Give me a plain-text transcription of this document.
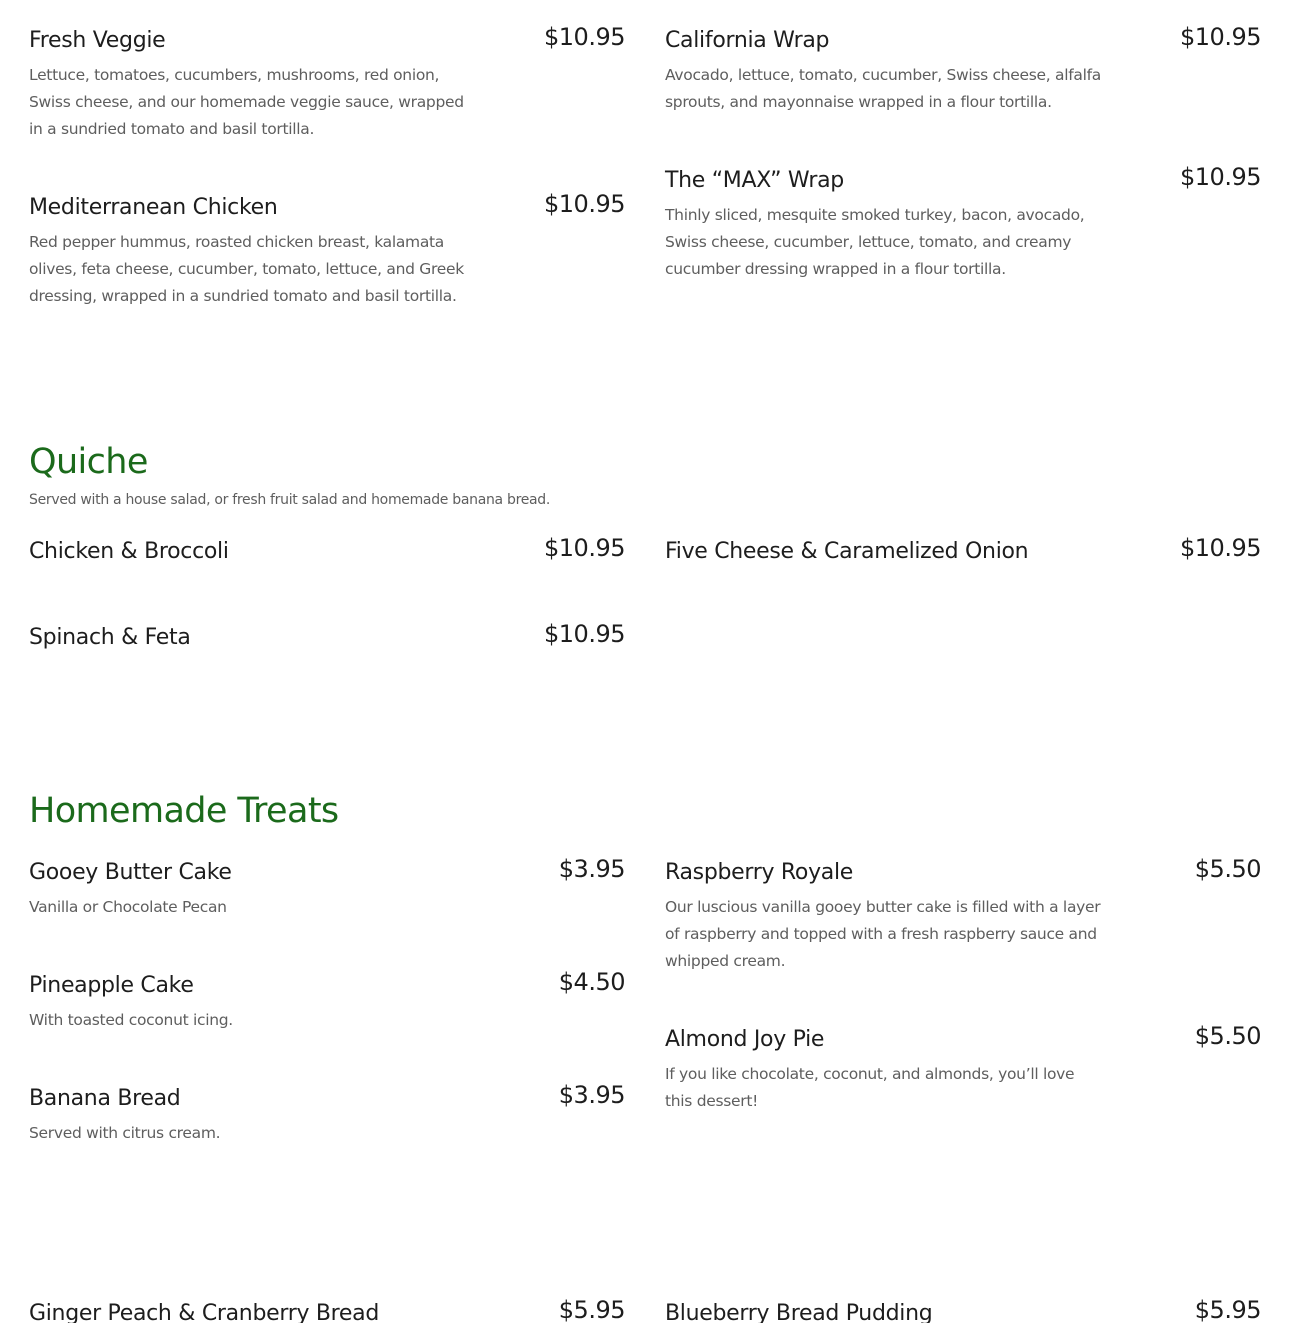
Fresh Veggie	$10.95
Lettuce, tomatoes, cucumbers, mushrooms, red onion, Swiss cheese, and our homemade veggie sauce, wrapped in a sundried tomato and basil tortilla.
California Wrap	$10.95
Avocado, lettuce, tomato, cucumber, Swiss cheese, alfalfa sprouts, and mayonnaise wrapped in a flour tortilla.
Mediterranean Chicken	$10.95
Red pepper hummus, roasted chicken breast, kalamata olives, feta cheese, cucumber, tomato, lettuce, and Greek dressing, wrapped in a sundried tomato and basil tortilla.
The “MAX” Wrap	$10.95
Thinly sliced, mesquite smoked turkey, bacon, avocado, Swiss cheese, cucumber, lettuce, tomato, and creamy cucumber dressing wrapped in a flour tortilla.
Quiche
Served with a house salad, or fresh fruit salad and homemade banana bread.
Chicken & Broccoli	$10.95 Five Cheese & Caramelized Onion	$10.95
Spinach & Feta	$10.95
Homemade Treats
Gooey Butter Cake	$3.95
Vanilla or Chocolate Pecan
Raspberry Royale	$5.50
Our luscious vanilla gooey butter cake is filled with a layer of raspberry and topped with a fresh raspberry sauce and whipped cream.
Pineapple Cake	$4.50
With toasted coconut icing.
Almond Joy Pie	$5.50
If you like chocolate, coconut, and almonds, you’ll love this dessert!
Banana Bread	$3.95
Served with citrus cream.
Ginger Peach & Cranberry Bread	$5.95 Blueberry Bread Pudding	$5.95
